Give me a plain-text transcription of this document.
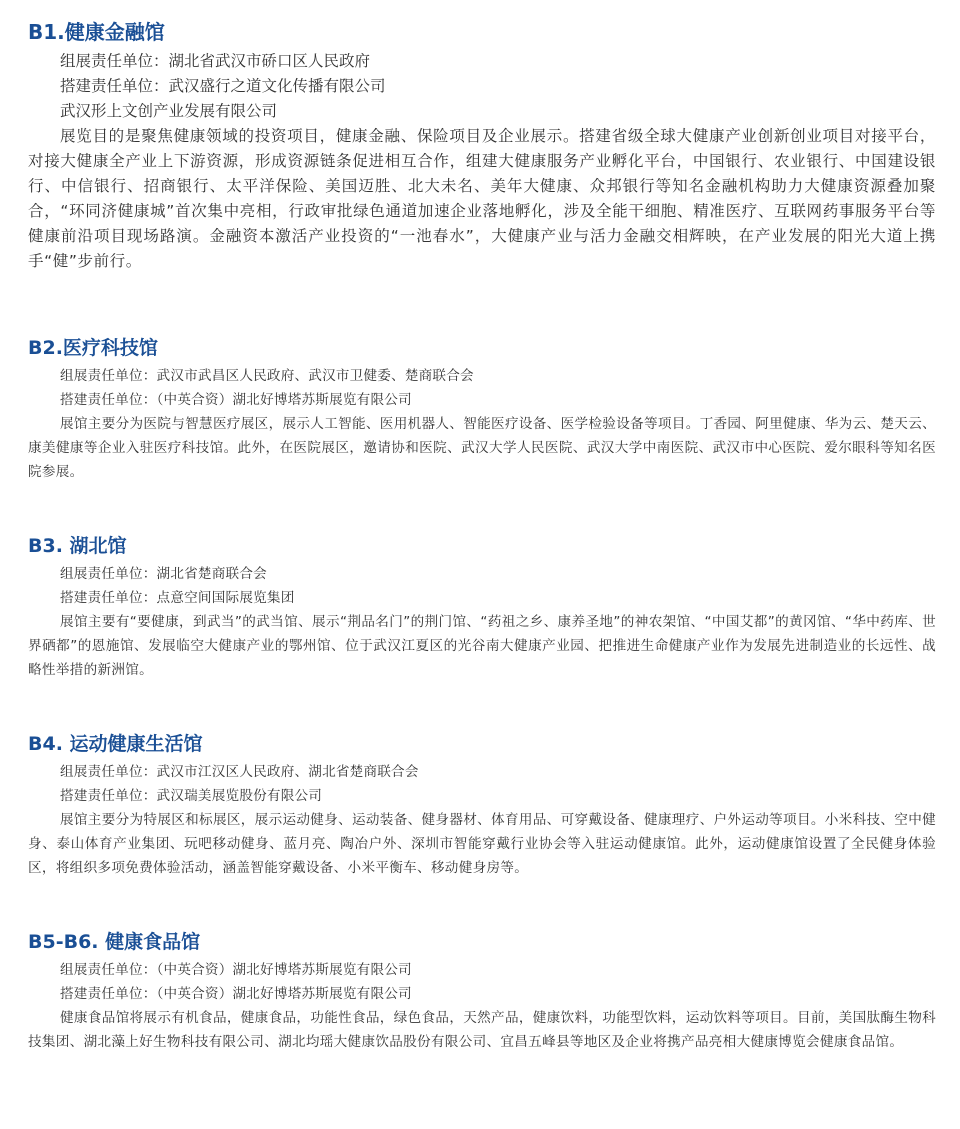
B1.健康金融馆

组展责任单位：湖北省武汉市硚口区人民政府

搭建责任单位：武汉盛行之道文化传播有限公司

武汉形上文创产业发展有限公司

展览目的是聚焦健康领域的投资项目，健康金融、保险项目及企业展示。搭建省级全球大健康产业创新创业项目对接平台，对接大健康全产业上下游资源，形成资源链条促进相互合作，组建大健康服务产业孵化平台，中国银行、农业银行、中国建设银行、中信银行、招商银行、太平洋保险、美国迈胜、北大未名、美年大健康、众邦银行等知名金融机构助力大健康资源叠加聚合，“环同济健康城”首次集中亮相，行政审批绿色通道加速企业落地孵化，涉及全能干细胞、精准医疗、互联网药事服务平台等健康前沿项目现场路演。金融资本激活产业投资的“一池春水”，大健康产业与活力金融交相辉映，在产业发展的阳光大道上携手“健”步前行。

B2.医疗科技馆

组展责任单位：武汉市武昌区人民政府、武汉市卫健委、楚商联合会

搭建责任单位：（中英合资）湖北好博塔苏斯展览有限公司

展馆主要分为医院与智慧医疗展区，展示人工智能、医用机器人、智能医疗设备、医学检验设备等项目。丁香园、阿里健康、华为云、楚天云、康美健康等企业入驻医疗科技馆。此外，在医院展区，邀请协和医院、武汉大学人民医院、武汉大学中南医院、武汉市中心医院、爱尔眼科等知名医院参展。

B3. 湖北馆

组展责任单位：湖北省楚商联合会

搭建责任单位：点意空间国际展览集团

展馆主要有“要健康，到武当”的武当馆、展示“荆品名门”的荆门馆、“药祖之乡、康养圣地”的神农架馆、“中国艾都”的黄冈馆、“华中药库、世界硒都”的恩施馆、发展临空大健康产业的鄂州馆、位于武汉江夏区的光谷南大健康产业园、把推进生命健康产业作为发展先进制造业的长远性、战略性举措的新洲馆。

B4. 运动健康生活馆

组展责任单位：武汉市江汉区人民政府、湖北省楚商联合会

搭建责任单位：武汉瑞美展览股份有限公司

展馆主要分为特展区和标展区，展示运动健身、运动装备、健身器材、体育用品、可穿戴设备、健康理疗、户外运动等项目。小米科技、空中健身、泰山体育产业集团、玩吧移动健身、蓝月亮、陶冶户外、深圳市智能穿戴行业协会等入驻运动健康馆。此外，运动健康馆设置了全民健身体验区，将组织多项免费体验活动，涵盖智能穿戴设备、小米平衡车、移动健身房等。

B5-B6. 健康食品馆

组展责任单位：（中英合资）湖北好博塔苏斯展览有限公司

搭建责任单位：（中英合资）湖北好博塔苏斯展览有限公司

健康食品馆将展示有机食品，健康食品，功能性食品，绿色食品，天然产品，健康饮料，功能型饮料，运动饮料等项目。目前，美国肽酶生物科技集团、湖北藻上好生物科技有限公司、湖北均瑶大健康饮品股份有限公司、宜昌五峰县等地区及企业将携产品亮相大健康博览会健康食品馆。
